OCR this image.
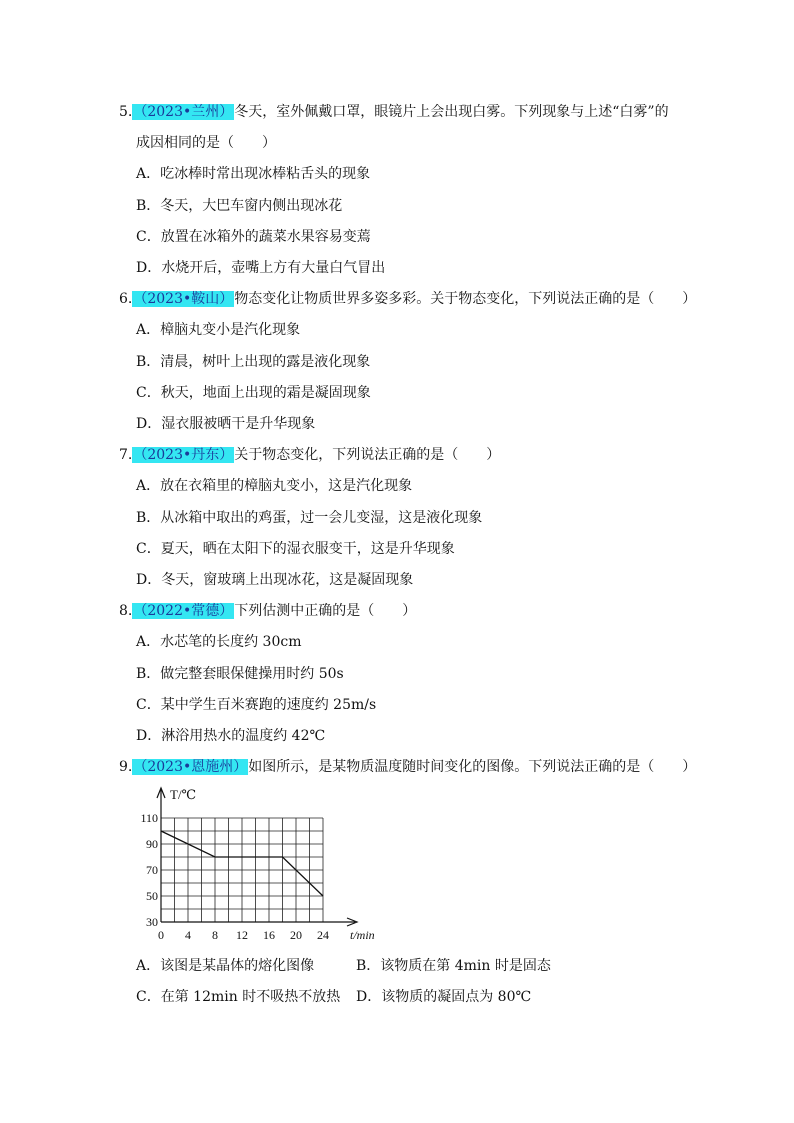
5.（2023•兰州）冬天，室外佩戴口罩，眼镜片上会出现白雾。下列现象与上述“白雾”的
成因相同的是（　　）
A．吃冰棒时常出现冰棒粘舌头的现象
B．冬天，大巴车窗内侧出现冰花
C．放置在冰箱外的蔬菜水果容易变蔫
D．水烧开后，壶嘴上方有大量白气冒出
6.（2023•鞍山）物态变化让物质世界多姿多彩。关于物态变化，下列说法正确的是（　　）
A．樟脑丸变小是汽化现象
B．清晨，树叶上出现的露是液化现象
C．秋天，地面上出现的霜是凝固现象
D．湿衣服被晒干是升华现象
7.（2023•丹东）关于物态变化，下列说法正确的是（　　）
A．放在衣箱里的樟脑丸变小，这是汽化现象
B．从冰箱中取出的鸡蛋，过一会儿变湿，这是液化现象
C．夏天，晒在太阳下的湿衣服变干，这是升华现象
D．冬天，窗玻璃上出现冰花，这是凝固现象
8.（2022•常德）下列估测中正确的是（　　）
A．水芯笔的长度约 30cm
B．做完整套眼保健操用时约 50s
C．某中学生百米赛跑的速度约 25m/s
D．淋浴用热水的温度约 42℃
9.（2023•恩施州）如图所示，是某物质温度随时间变化的图像。下列说法正确的是（　　）
0 4 8 12 16 20 24
30
50
70
90
110
T/℃
t/min
A．该图是某晶体的熔化图像	B．该物质在第 4min 时是固态
C．在第 12min 时不吸热不放热 D．该物质的凝固点为 80℃
